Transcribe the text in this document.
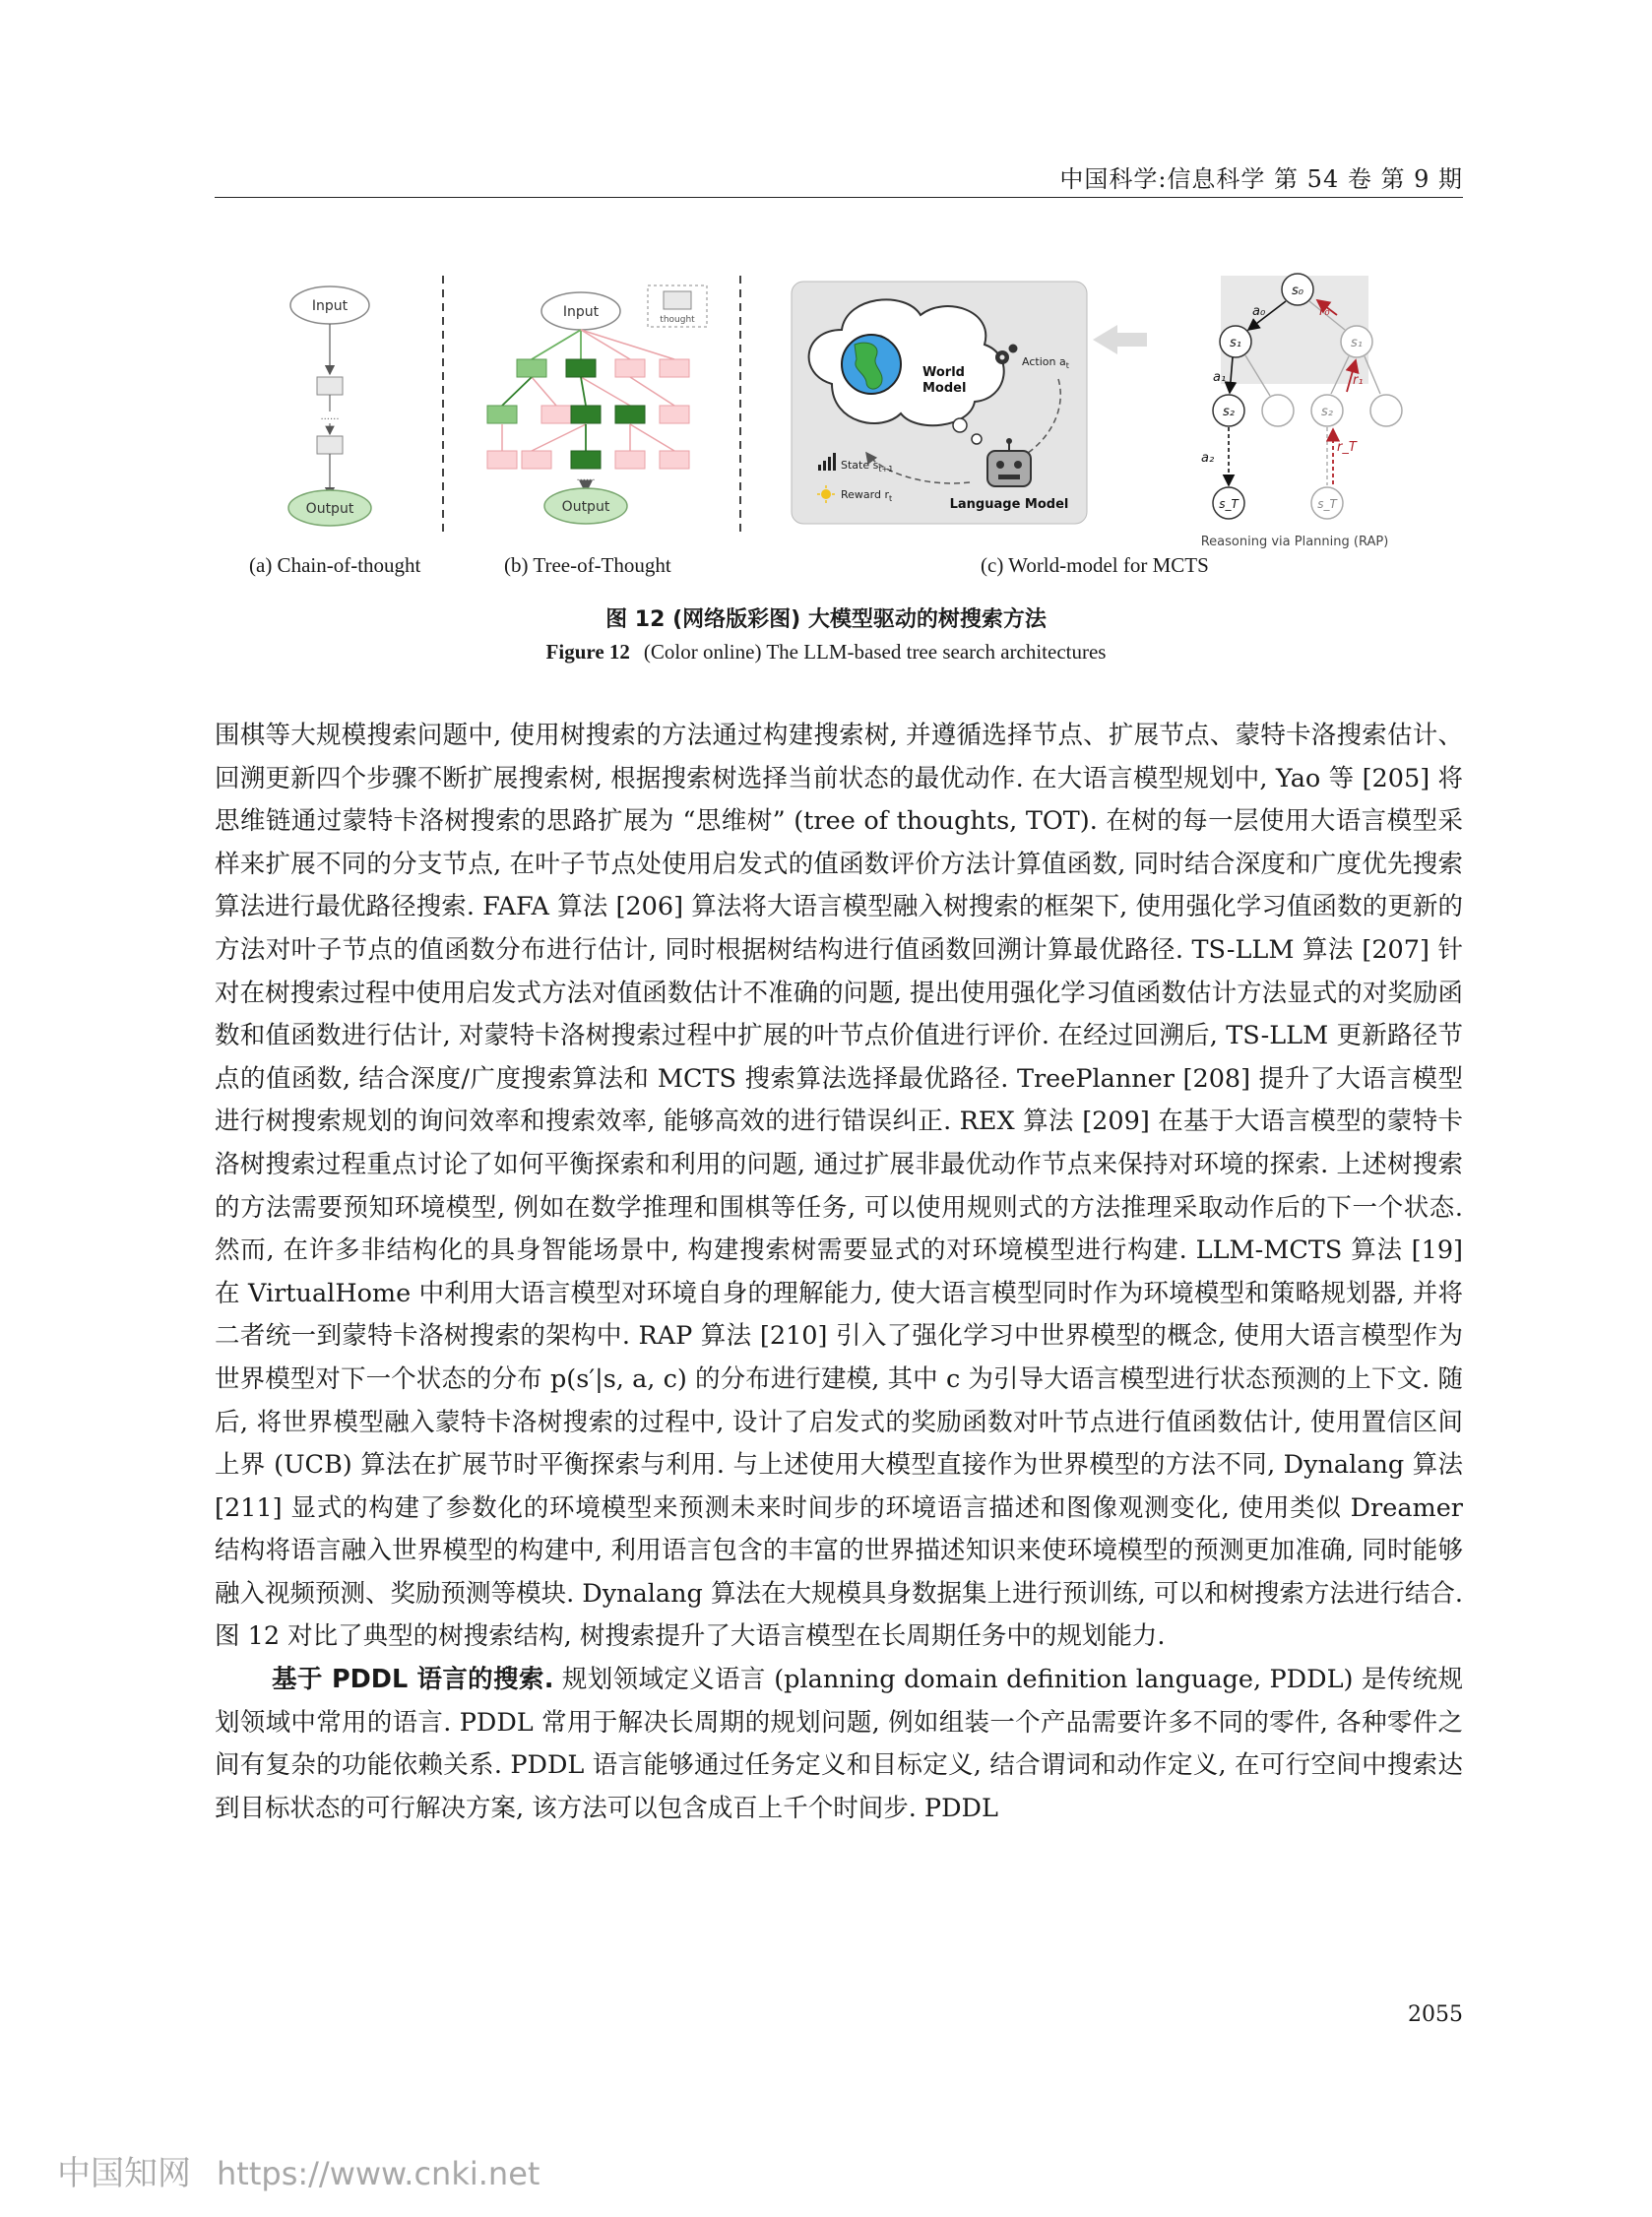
中国科学:信息科学 第 54 卷 第 9 期
Input
......
Output
Input	thought
......
Output
World
Model
Action $a_t$
Language Model
State $s_{t+1}$
Reward $r_t$
s₀
s₁	s₁
s₂	s₂
s_T	s_T
a₀	r₀
a₁	r₁
a₂
r_T
Reasoning via Planning (RAP)
(a) Chain-of-thought	(b) Tree-of-Thought	(c) World-model for MCTS
图 12 (网络版彩图) 大模型驱动的树搜索方法
Figure 12 (Color online) The LLM-based tree search architectures

围棋等大规模搜索问题中, 使用树搜索的方法通过构建搜索树, 并遵循选择节点、扩展节点、蒙特卡洛搜索估计、回溯更新四个步骤不断扩展搜索树, 根据搜索树选择当前状态的最优动作. 在大语言模型规划中, Yao 等 [205] 将思维链通过蒙特卡洛树搜索的思路扩展为 “思维树” (tree of thoughts, TOT). 在树的每一层使用大语言模型采样来扩展不同的分支节点, 在叶子节点处使用启发式的值函数评价方法计算值函数, 同时结合深度和广度优先搜索算法进行最优路径搜索. FAFA 算法 [206] 算法将大语言模型融入树搜索的框架下, 使用强化学习值函数的更新的方法对叶子节点的值函数分布进行估计, 同时根据树结构进行值函数回溯计算最优路径. TS-LLM 算法 [207] 针对在树搜索过程中使用启发式方法对值函数估计不准确的问题, 提出使用强化学习值函数估计方法显式的对奖励函数和值函数进行估计, 对蒙特卡洛树搜索过程中扩展的叶节点价值进行评价. 在经过回溯后, TS-LLM 更新路径节点的值函数, 结合深度/广度搜索算法和 MCTS 搜索算法选择最优路径. TreePlanner [208] 提升了大语言模型进行树搜索规划的询问效率和搜索效率, 能够高效的进行错误纠正. REX 算法 [209] 在基于大语言模型的蒙特卡洛树搜索过程重点讨论了如何平衡探索和利用的问题, 通过扩展非最优动作节点来保持对环境的探索. 上述树搜索的方法需要预知环境模型, 例如在数学推理和围棋等任务, 可以使用规则式的方法推理采取动作后的下一个状态. 然而, 在许多非结构化的具身智能场景中, 构建搜索树需要显式的对环境模型进行构建. LLM-MCTS 算法 [19] 在 VirtualHome 中利用大语言模型对环境自身的理解能力, 使大语言模型同时作为环境模型和策略规划器, 并将二者统一到蒙特卡洛树搜索的架构中. RAP 算法 [210] 引入了强化学习中世界模型的概念, 使用大语言模型作为世界模型对下一个状态的分布 p(s′|s, a, c) 的分布进行建模, 其中 c 为引导大语言模型进行状态预测的上下文. 随后, 将世界模型融入蒙特卡洛树搜索的过程中, 设计了启发式的奖励函数对叶节点进行值函数估计, 使用置信区间上界 (UCB) 算法在扩展节时平衡探索与利用. 与上述使用大模型直接作为世界模型的方法不同, Dynalang 算法 [211] 显式的构建了参数化的环境模型来预测未来时间步的环境语言描述和图像观测变化, 使用类似 Dreamer 结构将语言融入世界模型的构建中, 利用语言包含的丰富的世界描述知识来使环境模型的预测更加准确, 同时能够融入视频预测、奖励预测等模块. Dynalang 算法在大规模具身数据集上进行预训练, 可以和树搜索方法进行结合. 图 12 对比了典型的树搜索结构, 树搜索提升了大语言模型在长周期任务中的规划能力.

基于 PDDL 语言的搜索. 规划领域定义语言 (planning domain definition language, PDDL) 是传统规划领域中常用的语言. PDDL 常用于解决长周期的规划问题, 例如组装一个产品需要许多不同的零件, 各种零件之间有复杂的功能依赖关系. PDDL 语言能够通过任务定义和目标定义, 结合谓词和动作定义, 在可行空间中搜索达到目标状态的可行解决方案, 该方法可以包含成百上千个时间步. PDDL

2055
中国知网 https://www.cnki.net
